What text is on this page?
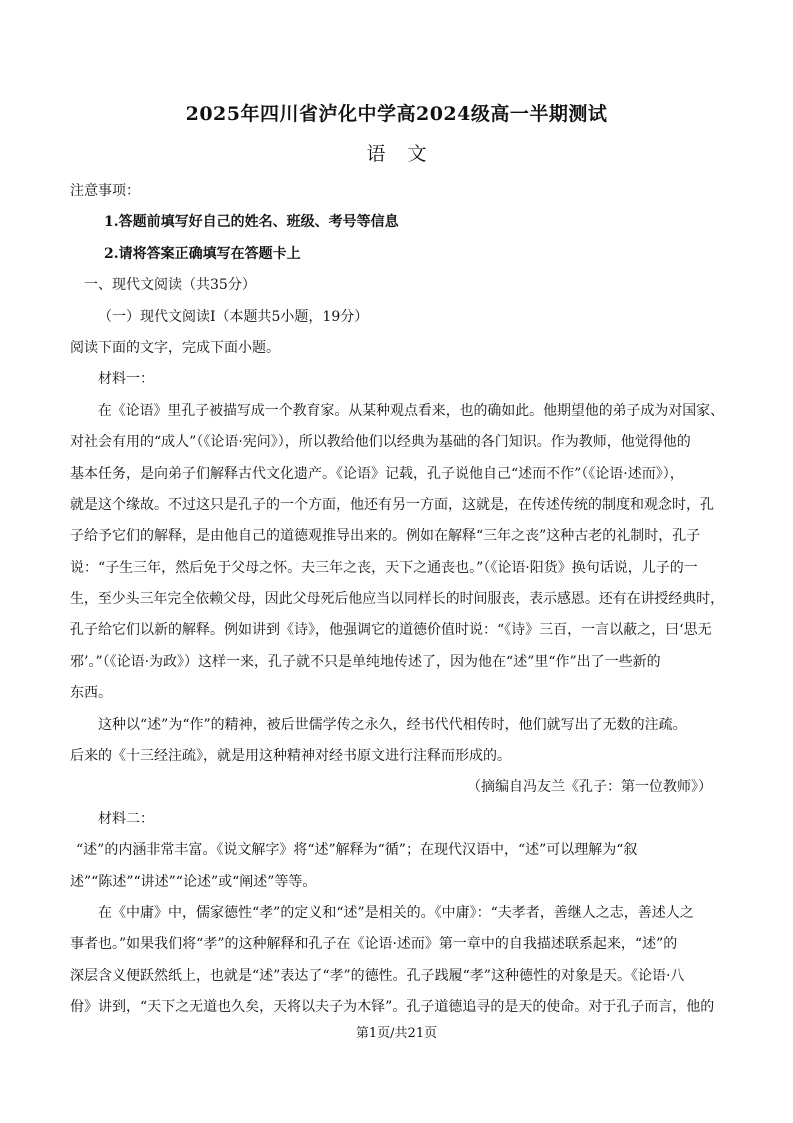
2025年四川省泸化中学高2024级高一半期测试
语文
注意事项：
1.答题前填写好自己的姓名、班级、考号等信息
2.请将答案正确填写在答题卡上
一、现代文阅读（共35分）
（一）现代文阅读Ⅰ（本题共5小题，19分）
阅读下面的文字，完成下面小题。
材料一：
在《论语》里孔子被描写成一个教育家。从某种观点看来，也的确如此。他期望他的弟子成为对国家、
对社会有用的“成人”（《论语·宪问》），所以教给他们以经典为基础的各门知识。作为教师，他觉得他的
基本任务，是向弟子们解释古代文化遗产。《论语》记载，孔子说他自己“述而不作”（《论语·述而》），
就是这个缘故。不过这只是孔子的一个方面，他还有另一方面，这就是，在传述传统的制度和观念时，孔
子给予它们的解释，是由他自己的道德观推导出来的。例如在解释“三年之丧”这种古老的礼制时，孔子
说：“子生三年，然后免于父母之怀。夫三年之丧，天下之通丧也。”（《论语·阳货》换句话说，儿子的一
生，至少头三年完全依赖父母，因此父母死后他应当以同样长的时间服丧，表示感恩。还有在讲授经典时，
孔子给它们以新的解释。例如讲到《诗》，他强调它的道德价值时说：“《诗》三百，一言以蔽之，曰‘思无
邪’。”（《论语·为政》）这样一来，孔子就不只是单纯地传述了，因为他在“述”里“作”出了一些新的
东西。
这种以“述”为“作”的精神，被后世儒学传之永久，经书代代相传时，他们就写出了无数的注疏。
后来的《十三经注疏》，就是用这种精神对经书原文进行注释而形成的。
（摘编自冯友兰《孔子：第一位教师》）
材料二：
“述”的内涵非常丰富。《说文解字》将“述”解释为“循”；在现代汉语中，“述”可以理解为“叙
述”“陈述”“讲述”“论述”或“阐述”等等。
在《中庸》中，儒家德性“孝”的定义和“述”是相关的。《中庸》：“夫孝者，善继人之志，善述人之
事者也。”如果我们将“孝”的这种解释和孔子在《论语·述而》第一章中的自我描述联系起来，“述”的
深层含义便跃然纸上，也就是“述”表达了“孝”的德性。孔子践履“孝”这种德性的对象是天。《论语·八
佾》讲到，“天下之无道也久矣，天将以夫子为木铎”。孔子道德追寻的是天的使命。对于孔子而言，他的
第1页/共21页
